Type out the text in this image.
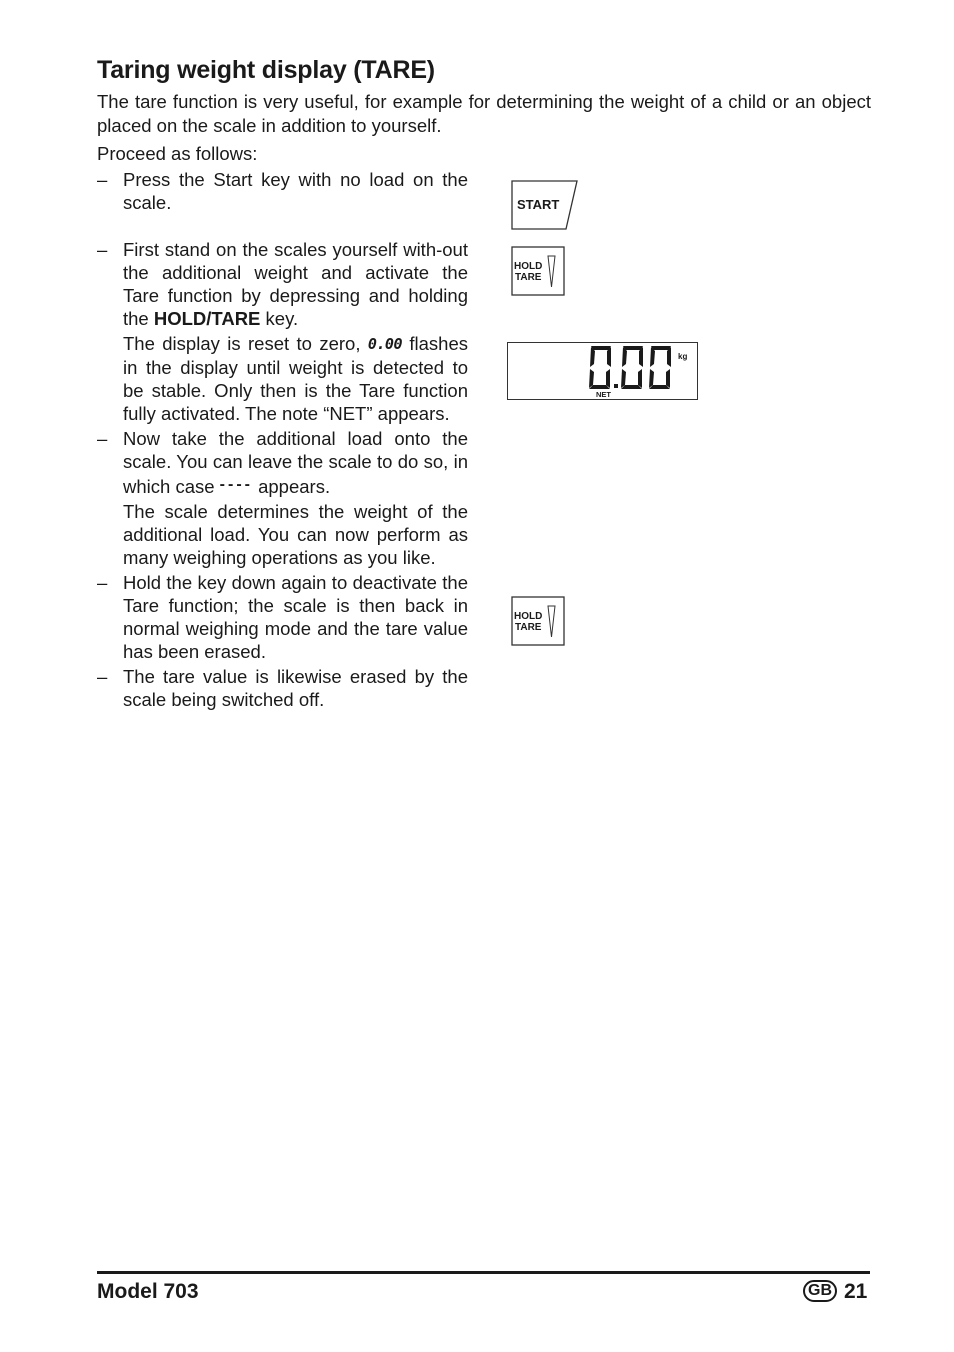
Taring weight display (TARE)

The tare function is very useful, for example for determining the weight of a child or an object placed on the scale in addition to yourself.

Proceed as follows:

– Press the Start key with no load on the scale.

– First stand on the scales yourself with-out the additional weight and activate the Tare function by depressing and holding the HOLD/TARE key.

The display is reset to zero, 0.00 flashes in the display until weight is detected to be stable. Only then is the Tare function fully activated. The note “NET” appears.

– Now take the additional load onto the scale. You can leave the scale to do so, in which case ---- appears.

The scale determines the weight of the additional load. You can now perform as many weighing operations as you like.

– Hold the key down again to deactivate the Tare function; the scale is then back in normal weighing mode and the tare value has been erased.

– The tare value is likewise erased by the scale being switched off.

START
HOLD
TARE
kg
NET
HOLD
TARE
Model 703	GB 21
